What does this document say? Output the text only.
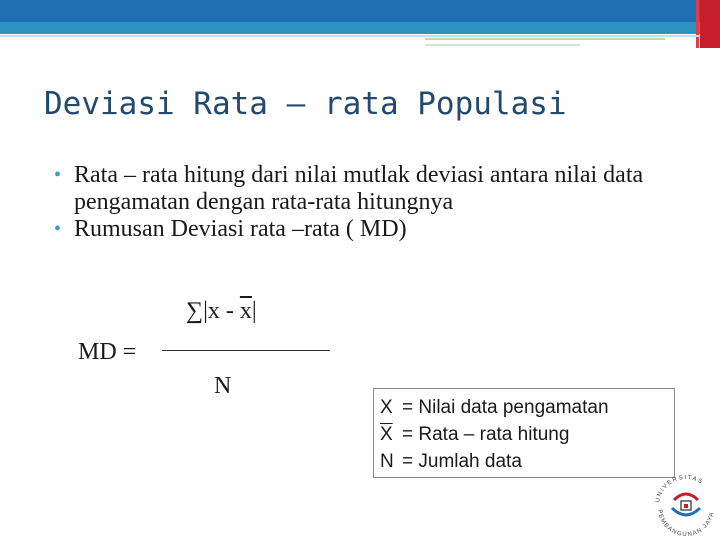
Deviasi Rata – rata Populasi
• Rata – rata hitung dari nilai mutlak deviasi antara nilai data pengamatan dengan rata-rata hitungnya
• Rumusan Deviasi rata –rata ( MD)
$\sum|x - \overline{x}|$
MD =
N
X = Nilai data pengamatan
$\overline{X}$ = Rata – rata hitung
N = Jumlah data
UNIVERSITAS
PEMBANGUNAN JAYA
